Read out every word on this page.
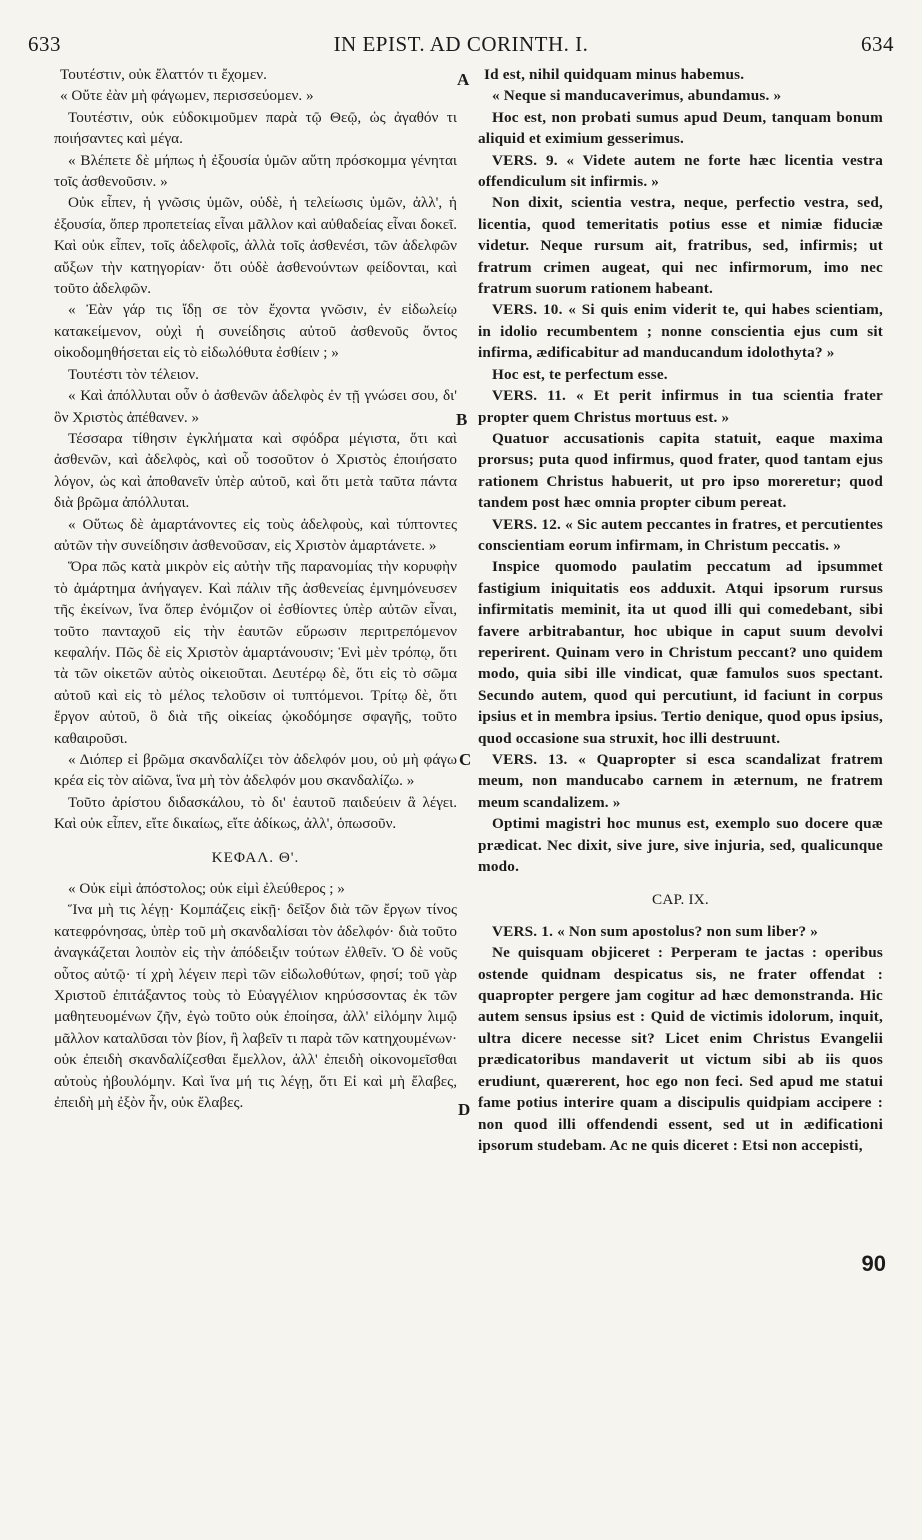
633	IN EPIST. AD CORINTH. I.	634

Τουτέστιν, οὐκ ἔλαττόν τι ἔχομεν.

« Οὔτε ἐὰν μὴ φάγωμεν, περισσεύομεν. »

Τουτέστιν, οὐκ εὐδοκιμοῦμεν παρὰ τῷ Θεῷ, ὡς ἀγαθόν τι ποιήσαντες καὶ μέγα.

« Βλέπετε δὲ μήπως ἡ ἐξουσία ὑμῶν αὕτη πρόσκομμα γένηται τοῖς ἀσθενοῦσιν. »

Οὐκ εἶπεν, ἡ γνῶσις ὑμῶν, οὐδὲ, ἡ τελείωσις ὑμῶν, ἀλλ', ἡ ἐξουσία, ὅπερ προπετείας εἶναι μᾶλλον καὶ αὐθαδείας εἶναι δοκεῖ. Καὶ οὐκ εἶπεν, τοῖς ἀδελφοῖς, ἀλλὰ τοῖς ἀσθενέσι, τῶν ἀδελφῶν αὔξων τὴν κατηγορίαν· ὅτι οὐδὲ ἀσθενούντων φείδονται, καὶ τοῦτο ἀδελφῶν.

« Ἐὰν γάρ τις ἴδῃ σε τὸν ἔχοντα γνῶσιν, ἐν εἰδωλείῳ κατακείμενον, οὐχὶ ἡ συνείδησις αὐτοῦ ἀσθενοῦς ὄντος οἰκοδομηθήσεται εἰς τὸ εἰδωλόθυτα ἐσθίειν ; »

Τουτέστι τὸν τέλειον.

« Καὶ ἀπόλλυται οὖν ὁ ἀσθενῶν ἀδελφὸς ἐν τῇ γνώσει σου, δι' ὃν Χριστὸς ἀπέθανεν. »

Τέσσαρα τίθησιν ἐγκλήματα καὶ σφόδρα μέγιστα, ὅτι καὶ ἀσθενῶν, καὶ ἀδελφὸς, καὶ οὗ τοσοῦτον ὁ Χριστὸς ἐποιήσατο λόγον, ὡς καὶ ἀποθανεῖν ὑπὲρ αὐτοῦ, καὶ ὅτι μετὰ ταῦτα πάντα διὰ βρῶμα ἀπόλλυται.

« Οὕτως δὲ ἁμαρτάνοντες εἰς τοὺς ἀδελφοὺς, καὶ τύπτοντες αὐτῶν τὴν συνείδησιν ἀσθενοῦσαν, εἰς Χριστὸν ἁμαρτάνετε. »

Ὅρα πῶς κατὰ μικρὸν εἰς αὐτὴν τῆς παρανομίας τὴν κορυφὴν τὸ ἁμάρτημα ἀνήγαγεν. Καὶ πάλιν τῆς ἀσθενείας ἐμνημόνευσεν τῆς ἐκείνων, ἵνα ὅπερ ἐνόμιζον οἱ ἐσθίοντες ὑπὲρ αὐτῶν εἶναι, τοῦτο πανταχοῦ εἰς τὴν ἑαυτῶν εὕρωσιν περιτρεπόμενον κεφαλήν. Πῶς δὲ εἰς Χριστὸν ἁμαρτάνουσιν; Ἑνὶ μὲν τρόπῳ, ὅτι τὰ τῶν οἰκετῶν αὐτὸς οἰκειοῦται. Δευτέρῳ δὲ, ὅτι εἰς τὸ σῶμα αὐτοῦ καὶ εἰς τὸ μέλος τελοῦσιν οἱ τυπτόμενοι. Τρίτῳ δὲ, ὅτι ἔργον αὐτοῦ, ὃ διὰ τῆς οἰκείας ᾠκοδόμησε σφαγῆς, τοῦτο καθαιροῦσι.

« Διόπερ εἰ βρῶμα σκανδαλίζει τὸν ἀδελφόν μου, οὐ μὴ φάγω κρέα εἰς τὸν αἰῶνα, ἵνα μὴ τὸν ἀδελφόν μου σκανδαλίζω. »

Τοῦτο ἀρίστου διδασκάλου, τὸ δι' ἑαυτοῦ παιδεύειν ἃ λέγει. Καὶ οὐκ εἶπεν, εἴτε δικαίως, εἴτε ἀδίκως, ἀλλ', ὁπωσοῦν.

ΚΕΦΑΛ. Θ'.

« Οὐκ εἰμὶ ἀπόστολος; οὐκ εἰμὶ ἐλεύθερος ; »

Ἵνα μὴ τις λέγῃ· Κομπάζεις εἰκῇ· δεῖξον διὰ τῶν ἔργων τίνος κατεφρόνησας, ὑπὲρ τοῦ μὴ σκανδαλίσαι τὸν ἀδελφόν· διὰ τοῦτο ἀναγκάζεται λοιπὸν εἰς τὴν ἀπόδειξιν τούτων ἐλθεῖν. Ὁ δὲ νοῦς οὗτος αὐτῷ· τί χρὴ λέγειν περὶ τῶν εἰδωλοθύτων, φησί; τοῦ γὰρ Χριστοῦ ἐπιτάξαντος τοὺς τὸ Εὐαγγέλιον κηρύσσοντας ἐκ τῶν μαθητευομένων ζῆν, ἐγὼ τοῦτο οὐκ ἐποίησα, ἀλλ' εἱλόμην λιμῷ μᾶλλον καταλῦσαι τὸν βίον, ἢ λαβεῖν τι παρὰ τῶν κατηχουμένων· οὐκ ἐπειδὴ σκανδαλίζεσθαι ἔμελλον, ἀλλ' ἐπειδὴ οἰκονομεῖσθαι αὐτοὺς ἠβουλόμην. Καὶ ἵνα μή τις λέγῃ, ὅτι Εἰ καὶ μὴ ἔλαβες, ἐπειδὴ μὴ ἐξὸν ἦν, οὐκ ἔλαβες.

Id est, nihil quidquam minus habemus.

« Neque si manducaverimus, abundamus. »

Hoc est, non probati sumus apud Deum, tanquam bonum aliquid et eximium gesserimus.

VERS. 9. « Videte autem ne forte hæc licentia vestra offendiculum sit infirmis. »

Non dixit, scientia vestra, neque, perfectio vestra, sed, licentia, quod temeritatis potius esse et nimiæ fiduciæ videtur. Neque rursum ait, fratribus, sed, infirmis; ut fratrum crimen augeat, qui nec infirmorum, imo nec fratrum suorum rationem habeant.

VERS. 10. « Si quis enim viderit te, qui habes scientiam, in idolio recumbentem ; nonne conscientia ejus cum sit infirma, ædificabitur ad manducandum idolothyta? »

Hoc est, te perfectum esse.

VERS. 11. « Et perit infirmus in tua scientia frater propter quem Christus mortuus est. »

Quatuor accusationis capita statuit, eaque maxima prorsus; puta quod infirmus, quod frater, quod tantam ejus rationem Christus habuerit, ut pro ipso moreretur; quod tandem post hæc omnia propter cibum pereat.

VERS. 12. « Sic autem peccantes in fratres, et percutientes conscientiam eorum infirmam, in Christum peccatis. »

Inspice quomodo paulatim peccatum ad ipsummet fastigium iniquitatis eos adduxit. Atqui ipsorum rursus infirmitatis meminit, ita ut quod illi qui comedebant, sibi favere arbitrabantur, hoc ubique in caput suum devolvi reperirent. Quinam vero in Christum peccant? uno quidem modo, quia sibi ille vindicat, quæ famulos suos spectant. Secundo autem, quod qui percutiunt, id faciunt in corpus ipsius et in membra ipsius. Tertio denique, quod opus ipsius, quod occasione sua struxit, hoc illi destruunt.

VERS. 13. « Quapropter si esca scandalizat fratrem meum, non manducabo carnem in æternum, ne fratrem meum scandalizem. »

Optimi magistri hoc munus est, exemplo suo docere quæ prædicat. Nec dixit, sive jure, sive injuria, sed, qualicunque modo.

CAP. IX.

VERS. 1. « Non sum apostolus? non sum liber? »

Ne quisquam objiceret : Perperam te jactas : operibus ostende quidnam despicatus sis, ne frater offendat : quapropter pergere jam cogitur ad hæc demonstranda. Hic autem sensus ipsius est : Quid de victimis idolorum, inquit, ultra dicere necesse sit? Licet enim Christus Evangelii prædicatoribus mandaverit ut victum sibi ab iis quos erudiunt, quærerent, hoc ego non feci. Sed apud me statui fame potius interire quam a discipulis quidpiam accipere : non quod illi offendendi essent, sed ut in ædificationi ipsorum studebam. Ac ne quis diceret : Etsi non accepisti,

A
B
C
D
90
